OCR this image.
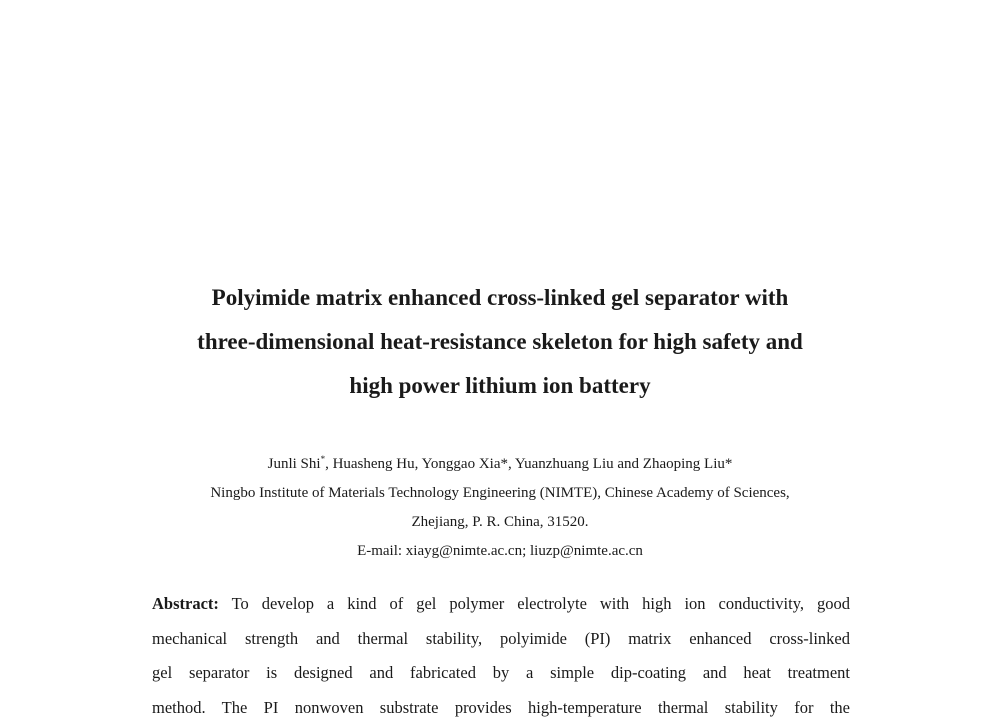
Polyimide matrix enhanced cross-linked gel separator with
three-dimensional heat-resistance skeleton for high safety and
high power lithium ion battery
Junli Shi*, Huasheng Hu, Yonggao Xia*, Yuanzhuang Liu and Zhaoping Liu*
Ningbo Institute of Materials Technology Engineering (NIMTE), Chinese Academy of Sciences,
Zhejiang, P. R. China, 31520.
E-mail: xiayg@nimte.ac.cn; liuzp@nimte.ac.cn
Abstract: To develop a kind of gel polymer electrolyte with high ion conductivity, good
mechanical strength and thermal stability, polyimide (PI) matrix enhanced cross-linked
gel separator is designed and fabricated by a simple dip-coating and heat treatment
method. The PI nonwoven substrate provides high-temperature thermal stability for the
